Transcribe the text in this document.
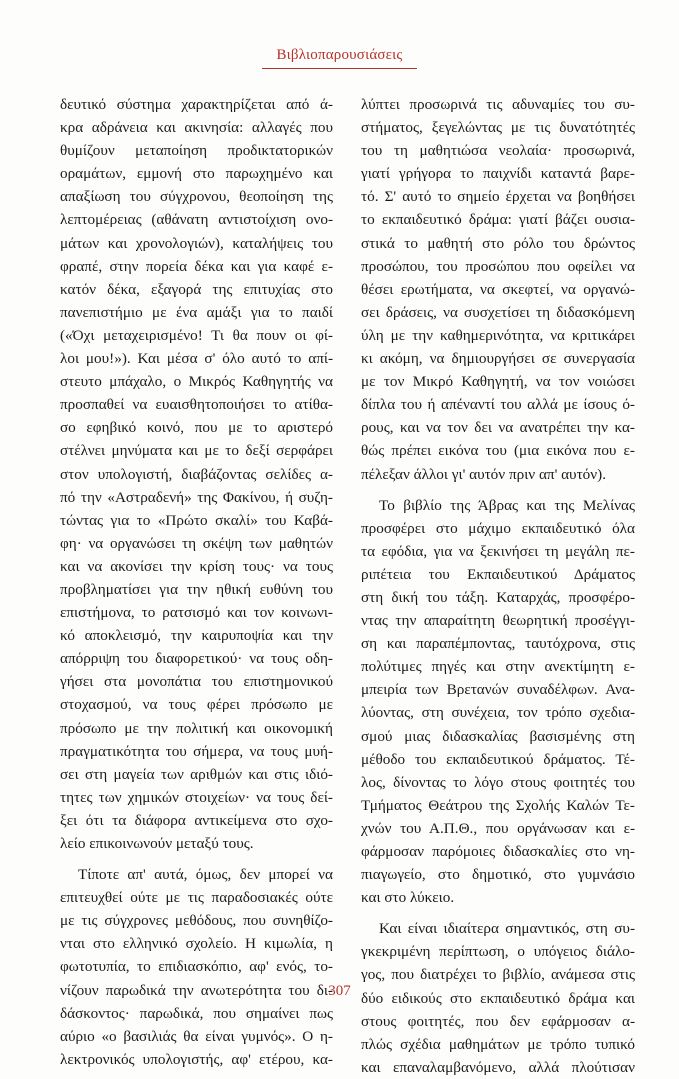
Βιβλιοπαρουσιάσεις
δευτικό σύστημα χαρακτηρίζεται από ά-
κρα αδράνεια και ακινησία: αλλαγές που
θυμίζουν μεταποίηση προδικτατορικών
οραμάτων, εμμονή στο παρωχημένο και
απαξίωση του σύγχρονου, θεοποίηση της
λεπτομέρειας (αθάνατη αντιστοίχιση ονο-
μάτων και χρονολογιών), καταλήψεις του
φραπέ, στην πορεία δέκα και για καφέ ε-
κατόν δέκα, εξαγορά της επιτυχίας στο
πανεπιστήμιο με ένα αμάξι για το παιδί
(«Όχι μεταχειρισμένο! Τι θα πουν οι φί-
λοι μου!»). Και μέσα σ' όλο αυτό το απί-
στευτο μπάχαλο, ο Μικρός Καθηγητής να
προσπαθεί να ευαισθητοποιήσει το ατίθα-
σο εφηβικό κοινό, που με το αριστερό
στέλνει μηνύματα και με το δεξί σερφάρει
στον υπολογιστή, διαβάζοντας σελίδες α-
πό την «Αστραδενή» της Φακίνου, ή συζη-
τώντας για το «Πρώτο σκαλί» του Καβά-
φη· να οργανώσει τη σκέψη των μαθητών
και να ακονίσει την κρίση τους· να τους
προβληματίσει για την ηθική ευθύνη του
επιστήμονα, το ρατσισμό και τον κοινωνι-
κό αποκλεισμό, την καιρυποψία και την
απόρριψη του διαφορετικού· να τους οδη-
γήσει στα μονοπάτια του επιστημονικού
στοχασμού, να τους φέρει πρόσωπο με
πρόσωπο με την πολιτική και οικονομική
πραγματικότητα του σήμερα, να τους μυή-
σει στη μαγεία των αριθμών και στις ιδιό-
τητες των χημικών στοιχείων· να τους δεί-
ξει ότι τα διάφορα αντικείμενα στο σχο-
λείο επικοινωνούν μεταξύ τους.
Τίποτε απ' αυτά, όμως, δεν μπορεί να
επιτευχθεί ούτε με τις παραδοσιακές ούτε
με τις σύγχρονες μεθόδους, που συνηθίζο-
νται στο ελληνικό σχολείο. Η κιμωλία, η
φωτοτυπία, το επιδιασκόπιο, αφ' ενός, το-
νίζουν παρωδικά την ανωτερότητα του δι-
δάσκοντος· παρωδικά, που σημαίνει πως
αύριο «ο βασιλιάς θα είναι γυμνός». Ο η-
λεκτρονικός υπολογιστής, αφ' ετέρου, κα-
λύπτει προσωρινά τις αδυναμίες του συ-
στήματος, ξεγελώντας με τις δυνατότητές
του τη μαθητιώσα νεολαία· προσωρινά,
γιατί γρήγορα το παιχνίδι καταντά βαρε-
τό. Σ' αυτό το σημείο έρχεται να βοηθήσει
το εκπαιδευτικό δράμα: γιατί βάζει ουσια-
στικά το μαθητή στο ρόλο του δρώντος
προσώπου, του προσώπου που οφείλει να
θέσει ερωτήματα, να σκεφτεί, να οργανώ-
σει δράσεις, να συσχετίσει τη διδασκόμενη
ύλη με την καθημερινότητα, να κριτικάρει
κι ακόμη, να δημιουργήσει σε συνεργασία
με τον Μικρό Καθηγητή, να τον νοιώσει
δίπλα του ή απέναντί του αλλά με ίσους ό-
ρους, και να τον δει να ανατρέπει την κα-
θώς πρέπει εικόνα του (μια εικόνα που ε-
πέλεξαν άλλοι γι' αυτόν πριν απ' αυτόν).
Το βιβλίο της Άβρας και της Μελίνας
προσφέρει στο μάχιμο εκπαιδευτικό όλα
τα εφόδια, για να ξεκινήσει τη μεγάλη πε-
ριπέτεια του Εκπαιδευτικού Δράματος
στη δική του τάξη. Καταρχάς, προσφέρο-
ντας την απαραίτητη θεωρητική προσέγγι-
ση και παραπέμποντας, ταυτόχρονα, στις
πολύτιμες πηγές και στην ανεκτίμητη ε-
μπειρία των Βρετανών συναδέλφων. Ανα-
λύοντας, στη συνέχεια, τον τρόπο σχεδια-
σμού μιας διδασκαλίας βασισμένης στη
μέθοδο του εκπαιδευτικού δράματος. Τέ-
λος, δίνοντας το λόγο στους φοιτητές του
Τμήματος Θεάτρου της Σχολής Καλών Τε-
χνών του Α.Π.Θ., που οργάνωσαν και ε-
φάρμοσαν παρόμοιες διδασκαλίες στο νη-
πιαγωγείο, στο δημοτικό, στο γυμνάσιο
και στο λύκειο.
Και είναι ιδιαίτερα σημαντικός, στη συ-
γκεκριμένη περίπτωση, ο υπόγειος διάλο-
γος, που διατρέχει το βιβλίο, ανάμεσα στις
δύο ειδικούς στο εκπαιδευτικό δράμα και
στους φοιτητές, που δεν εφάρμοσαν α-
πλώς σχέδια μαθημάτων με τρόπο τυπικό
και επαναλαμβανόμενο, αλλά πλούτισαν
307
